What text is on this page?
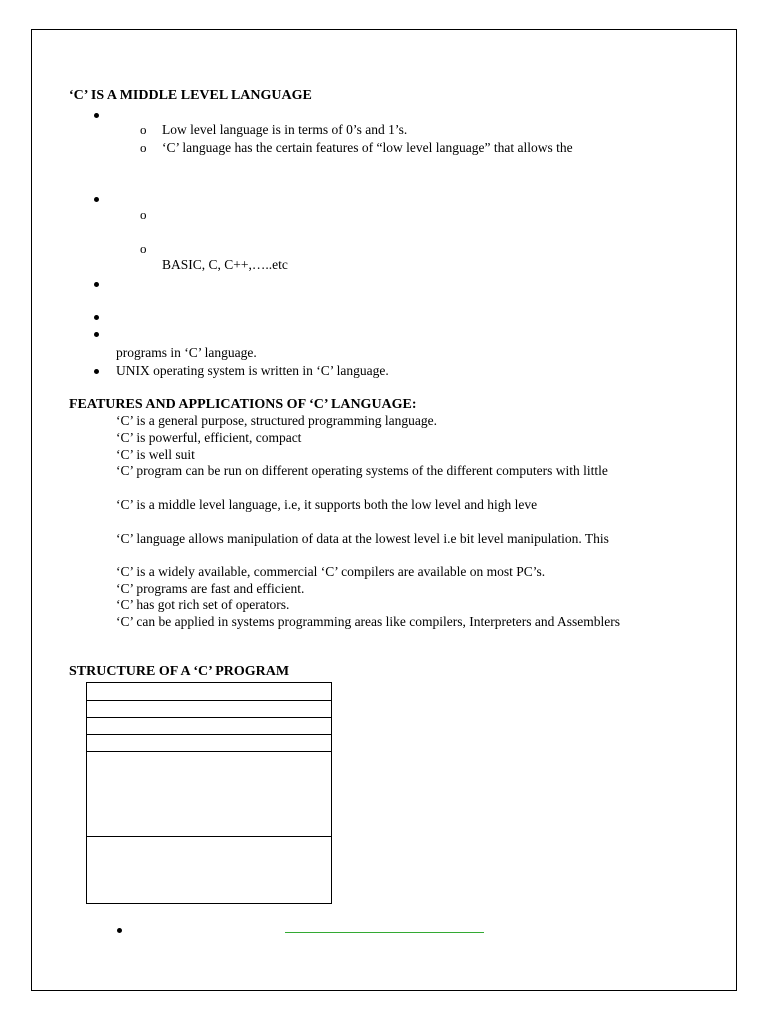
‘C’ IS A MIDDLE LEVEL LANGUAGE
o Low level language is in terms of 0’s and 1’s.
o ‘C’ language has the certain features of “low level language” that allows the
o
o
BASIC, C, C++,…..etc
programs in ‘C’ language.
UNIX operating system is written in ‘C’ language.
FEATURES AND APPLICATIONS OF ‘C’ LANGUAGE:
‘C’ is a general purpose, structured programming language.
‘C’ is powerful, efficient, compact
‘C’ is well suit
‘C’ program can be run on different operating systems of the different computers with little
‘C’ is a middle level language, i.e, it supports both the low level and high leve
‘C’ language allows manipulation of data at the lowest level i.e bit level manipulation. This
‘C’ is a widely available, commercial ‘C’ compilers are available on most PC’s.
‘C’ programs are fast and efficient.
‘C’ has got rich set of operators.
‘C’ can be applied in systems programming areas like compilers, Interpreters and Assemblers
STRUCTURE OF A ‘C’ PROGRAM
